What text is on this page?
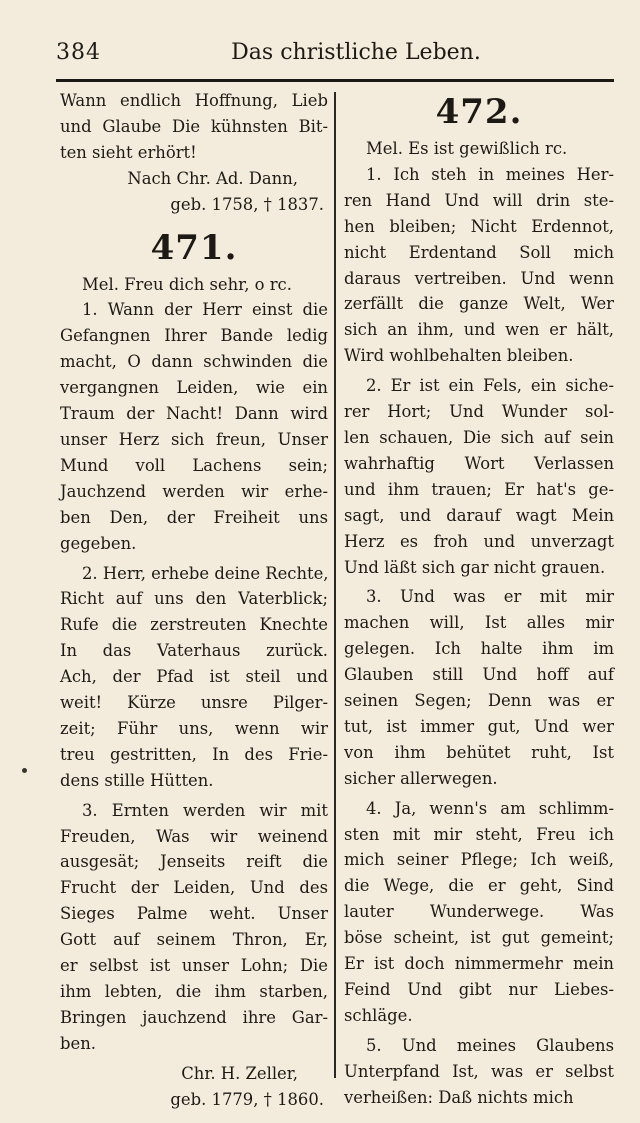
384	Das christliche Leben.
Wann endlich Hoffnung, Lieb
und Glaube Die kühnsten Bit-
ten sieht erhört!
Nach Chr. Ad. Dann,
geb. 1758, † 1837.
471.
Mel. Freu dich sehr, o rc.
1. Wann der Herr einst die
Gefangnen Ihrer Bande ledig
macht, O dann schwinden die
vergangnen Leiden, wie ein
Traum der Nacht! Dann wird
unser Herz sich freun, Unser
Mund voll Lachens sein;
Jauchzend werden wir erhe-
ben Den, der Freiheit uns
gegeben.
2. Herr, erhebe deine Rechte,
Richt auf uns den Vaterblick;
Rufe die zerstreuten Knechte
In das Vaterhaus zurück.
Ach, der Pfad ist steil und
weit! Kürze unsre Pilger-
zeit; Führ uns, wenn wir
treu gestritten, In des Frie-
dens stille Hütten.
3. Ernten werden wir mit
Freuden, Was wir weinend
ausgesät; Jenseits reift die
Frucht der Leiden, Und des
Sieges Palme weht. Unser
Gott auf seinem Thron, Er,
er selbst ist unser Lohn; Die
ihm lebten, die ihm starben,
Bringen jauchzend ihre Gar-
ben.
Chr. H. Zeller,
geb. 1779, † 1860.
472.
Mel. Es ist gewißlich rc.
1. Ich steh in meines Her-
ren Hand Und will drin ste-
hen bleiben; Nicht Erdennot,
nicht Erdentand Soll mich
daraus vertreiben. Und wenn
zerfällt die ganze Welt, Wer
sich an ihm, und wen er hält,
Wird wohlbehalten bleiben.
2. Er ist ein Fels, ein siche-
rer Hort; Und Wunder sol-
len schauen, Die sich auf sein
wahrhaftig Wort Verlassen
und ihm trauen; Er hat's ge-
sagt, und darauf wagt Mein
Herz es froh und unverzagt
Und läßt sich gar nicht grauen.
3. Und was er mit mir
machen will, Ist alles mir
gelegen. Ich halte ihm im
Glauben still Und hoff auf
seinen Segen; Denn was er
tut, ist immer gut, Und wer
von ihm behütet ruht, Ist
sicher allerwegen.
4. Ja, wenn's am schlimm-
sten mit mir steht, Freu ich
mich seiner Pflege; Ich weiß,
die Wege, die er geht, Sind
lauter Wunderwege. Was
böse scheint, ist gut gemeint;
Er ist doch nimmermehr mein
Feind Und gibt nur Liebes-
schläge.
5. Und meines Glaubens
Unterpfand Ist, was er selbst
verheißen: Daß nichts mich
